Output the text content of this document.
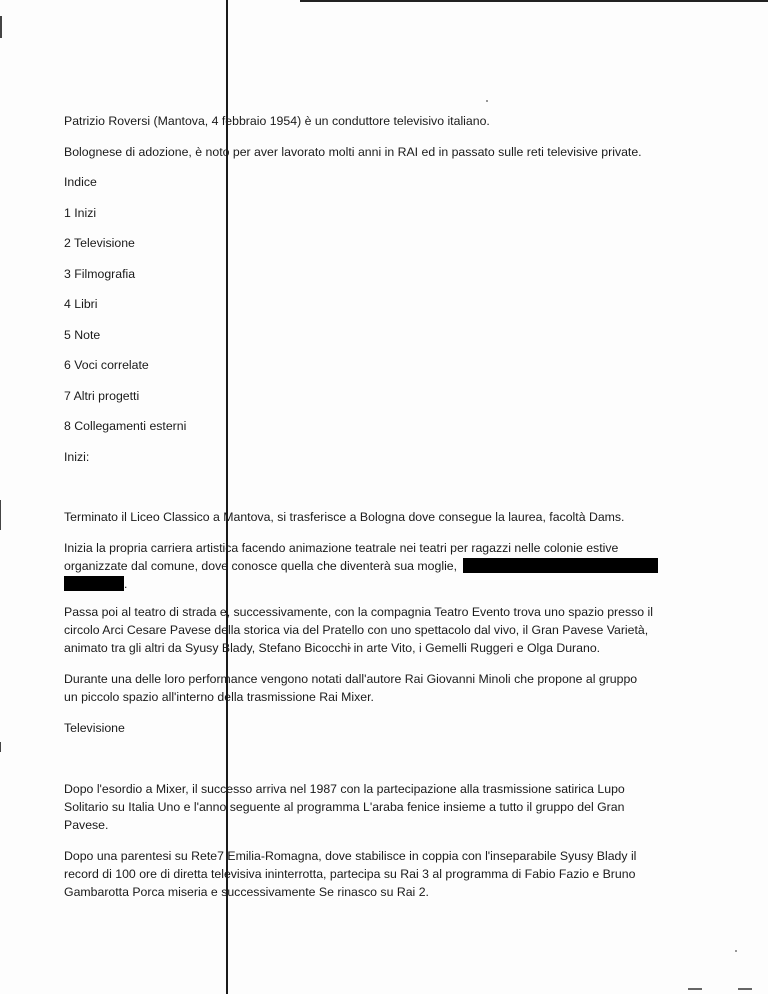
Patrizio Roversi (Mantova, 4 febbraio 1954) è un conduttore televisivo italiano.

Bolognese di adozione, è noto per aver lavorato molti anni in RAI ed in passato sulle reti televisive private.

Indice

1 Inizi

2 Televisione

3 Filmografia

4 Libri

5 Note

6 Voci correlate

7 Altri progetti

8 Collegamenti esterni

Inizi:

Terminato il Liceo Classico a Mantova, si trasferisce a Bologna dove consegue la laurea, facoltà Dams.

Inizia la propria carriera artistica facendo animazione teatrale nei teatri per ragazzi nelle colonie estive

organizzate dal comune, dove conosce quella che diventerà sua moglie,

.

Passa poi al teatro di strada e, successivamente, con la compagnia Teatro Evento trova uno spazio presso il

circolo Arci Cesare Pavese della storica via del Pratello con uno spettacolo dal vivo, il Gran Pavese Varietà,

animato tra gli altri da Syusy Blady, Stefano Bicocchi in arte Vito, i Gemelli Ruggeri e Olga Durano.

Durante una delle loro performance vengono notati dall'autore Rai Giovanni Minoli che propone al gruppo

un piccolo spazio all'interno della trasmissione Rai Mixer.

Televisione

Dopo l'esordio a Mixer, il successo arriva nel 1987 con la partecipazione alla trasmissione satirica Lupo

Solitario su Italia Uno e l'anno seguente al programma L'araba fenice insieme a tutto il gruppo del Gran

Pavese.

Dopo una parentesi su Rete7 Emilia-Romagna, dove stabilisce in coppia con l'inseparabile Syusy Blady il

record di 100 ore di diretta televisiva ininterrotta, partecipa su Rai 3 al programma di Fabio Fazio e Bruno

Gambarotta Porca miseria e successivamente Se rinasco su Rai 2.
